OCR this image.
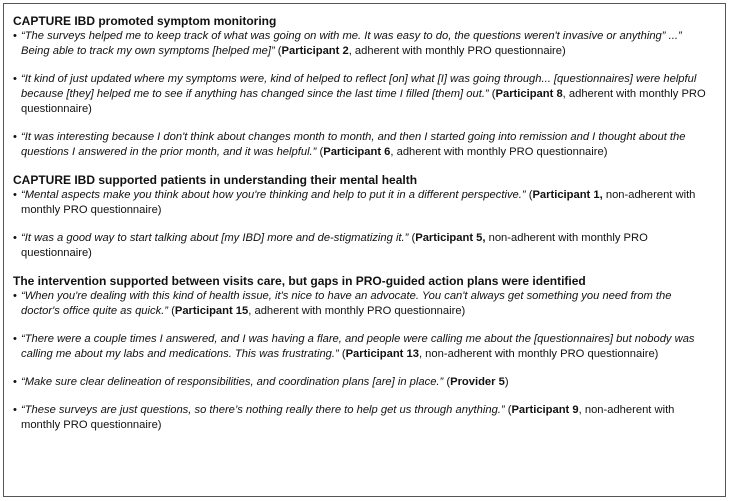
CAPTURE IBD promoted symptom monitoring

• “The surveys helped me to keep track of what was going on with me. It was easy to do, the questions weren't invasive or anything” ...” Being able to track my own symptoms [helped me]” (Participant 2, adherent with monthly PRO questionnaire)

• “It kind of just updated where my symptoms were, kind of helped to reflect [on] what [I] was going through... [questionnaires] were helpful because [they] helped me to see if anything has changed since the last time I filled [them] out.” (Participant 8, adherent with monthly PRO questionnaire)

• “It was interesting because I don't think about changes month to month, and then I started going into remission and I thought about the questions I answered in the prior month, and it was helpful.” (Participant 6, adherent with monthly PRO questionnaire)

CAPTURE IBD supported patients in understanding their mental health

• “Mental aspects make you think about how you're thinking and help to put it in a different perspective.” (Participant 1, non-adherent with monthly PRO questionnaire)

• “It was a good way to start talking about [my IBD] more and de-stigmatizing it.” (Participant 5, non-adherent with monthly PRO questionnaire)

The intervention supported between visits care, but gaps in PRO-guided action plans were identified

• “When you're dealing with this kind of health issue, it's nice to have an advocate. You can't always get something you need from the doctor's office quite as quick.” (Participant 15, adherent with monthly PRO questionnaire)

• “There were a couple times I answered, and I was having a flare, and people were calling me about the [questionnaires] but nobody was calling me about my labs and medications. This was frustrating.” (Participant 13, non-adherent with monthly PRO questionnaire)

• “Make sure clear delineation of responsibilities, and coordination plans [are] in place.” (Provider 5)

• “These surveys are just questions, so there’s nothing really there to help get us through anything.” (Participant 9, non-adherent with monthly PRO questionnaire)
